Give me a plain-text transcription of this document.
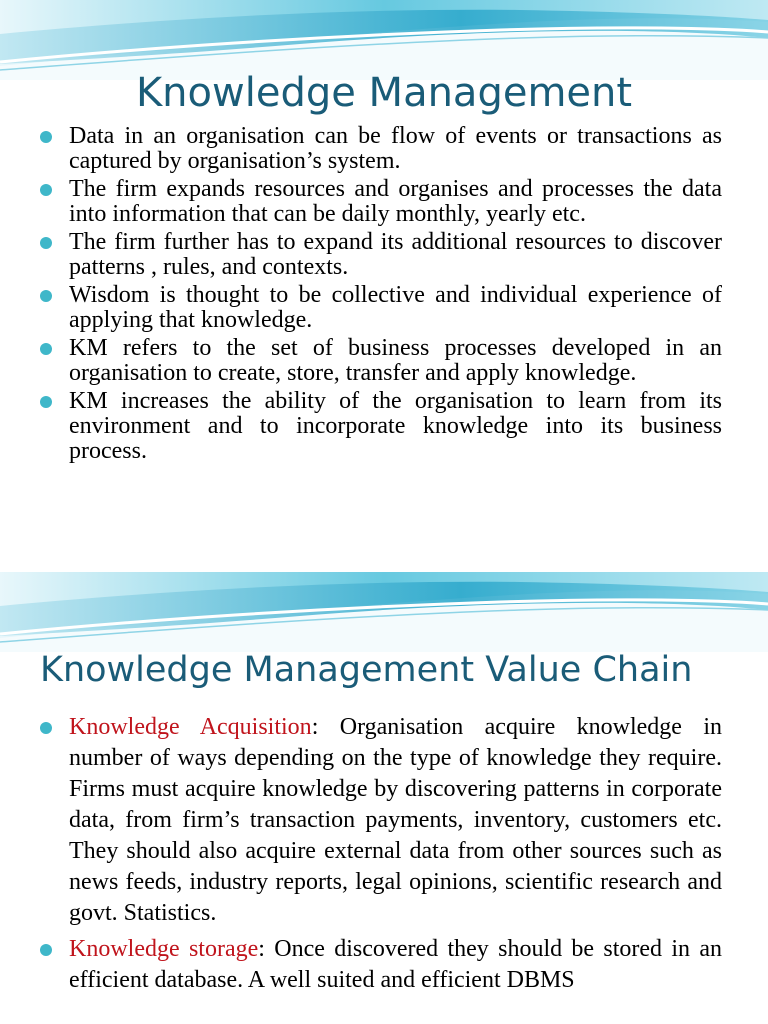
Knowledge Management
Data in an organisation can be flow of events or transactions as captured by organisation’s system.
The firm expands resources and organises and processes the data into information that can be daily monthly, yearly etc.
The firm further has to expand its additional resources to discover patterns , rules, and contexts.
Wisdom is thought to be collective and individual experience of applying that knowledge.
KM refers to the set of business processes developed in an organisation to create, store, transfer and apply knowledge.
KM increases the ability of the organisation to learn from its environment and to incorporate knowledge into its business process.
Knowledge Management Value Chain
Knowledge Acquisition: Organisation acquire knowledge in number of ways depending on the type of knowledge they require. Firms must acquire knowledge by discovering patterns in corporate data, from firm’s transaction payments, inventory, customers etc. They should also acquire external data from other sources such as news feeds, industry reports, legal opinions, scientific research and govt. Statistics.
Knowledge storage: Once discovered they should be stored in an efficient database. A well suited and efficient DBMS
